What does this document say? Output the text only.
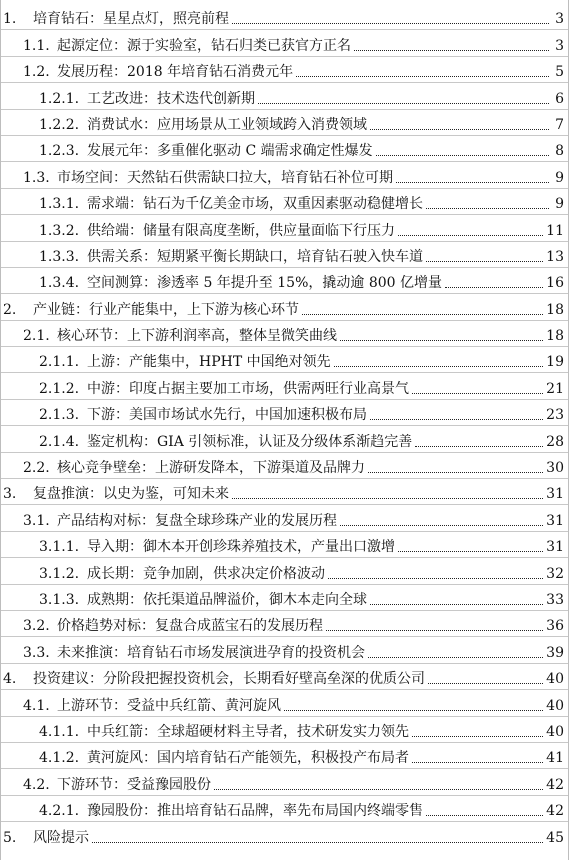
1.	培育钻石：星星点灯，照亮前程	3
1.1. 起源定位：源于实验室，钻石归类已获官方正名	3
1.2. 发展历程：2018 年培育钻石消费元年	5
1.2.1. 工艺改进：技术迭代创新期	6
1.2.2. 消费试水：应用场景从工业领域跨入消费领域	7
1.2.3. 发展元年：多重催化驱动 C 端需求确定性爆发	8
1.3. 市场空间：天然钻石供需缺口拉大，培育钻石补位可期	9
1.3.1. 需求端：钻石为千亿美金市场，双重因素驱动稳健增长	9
1.3.2. 供给端：储量有限高度垄断，供应量面临下行压力	11
1.3.3. 供需关系：短期紧平衡长期缺口，培育钻石驶入快车道	13
1.3.4. 空间测算：渗透率 5 年提升至 15%，撬动逾 800 亿增量	16
2.	产业链：行业产能集中，上下游为核心环节	18
2.1. 核心环节：上下游利润率高，整体呈微笑曲线	18
2.1.1. 上游：产能集中，HPHT 中国绝对领先	19
2.1.2. 中游：印度占据主要加工市场，供需两旺行业高景气	21
2.1.3. 下游：美国市场试水先行，中国加速积极布局	23
2.1.4. 鉴定机构：GIA 引领标准，认证及分级体系渐趋完善	28
2.2. 核心竞争壁垒：上游研发降本，下游渠道及品牌力	30
3.	复盘推演：以史为鉴，可知未来	31
3.1. 产品结构对标：复盘全球珍珠产业的发展历程	31
3.1.1. 导入期：御木本开创珍珠养殖技术，产量出口激增	31
3.1.2. 成长期：竞争加剧，供求决定价格波动	32
3.1.3. 成熟期：依托渠道品牌溢价，御木本走向全球	33
3.2. 价格趋势对标：复盘合成蓝宝石的发展历程	36
3.3. 未来推演：培育钻石市场发展演进孕育的投资机会	39
4.	投资建议：分阶段把握投资机会，长期看好壁高垒深的优质公司	40
4.1. 上游环节：受益中兵红箭、黄河旋风	40
4.1.1. 中兵红箭：全球超硬材料主导者，技术研发实力领先	40
4.1.2. 黄河旋风：国内培育钻石产能领先，积极投产布局者	41
4.2. 下游环节：受益豫园股份	42
4.2.1. 豫园股份：推出培育钻石品牌，率先布局国内终端零售	42
5.	风险提示	45
